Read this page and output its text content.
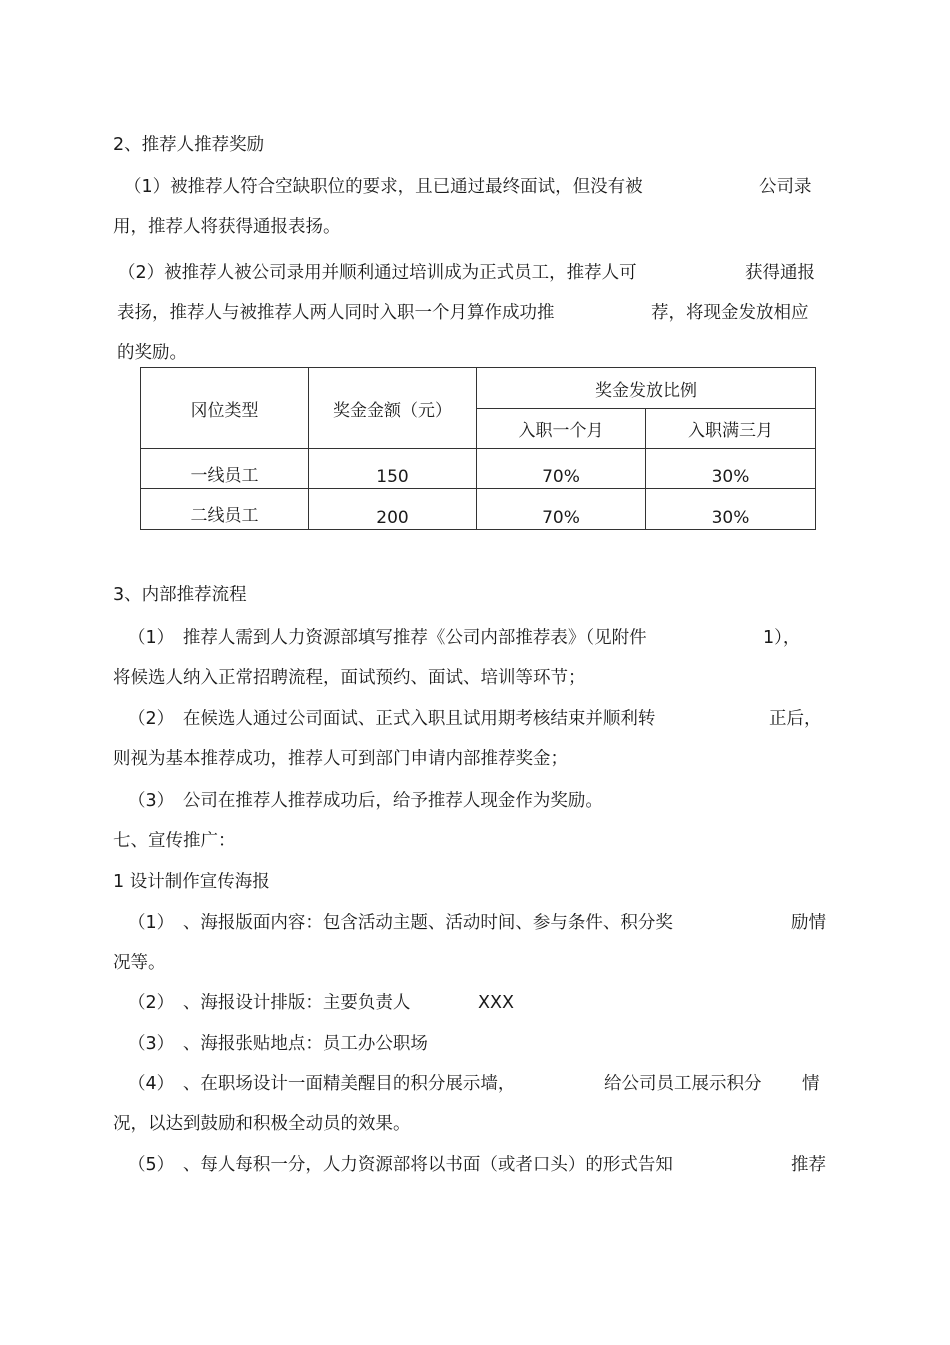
2、推荐人推荐奖励

（1）被推荐人符合空缺职位的要求，且已通过最终面试，但没有被	公司录

用，推荐人将获得通报表扬。

（2）被推荐人被公司录用并顺利通过培训成为正式员工，推荐人可	获得通报

表扬，推荐人与被推荐人两人同时入职一个月算作成功推	荐，将现金发放相应

的奖励。

冈位类型	奖金金额（元）	奖金发放比例	
		入职一个月	入职满三月
一线员工	150	70%	30%
二线员工	200	70%	30%

3、内部推荐流程

（1）　推荐人需到人力资源部填写推荐《公司内部推荐表》（见附件	1），

将候选人纳入正常招聘流程，面试预约、面试、培训等环节；

（2）　在候选人通过公司面试、正式入职且试用期考核结束并顺利转	正后，

则视为基本推荐成功，推荐人可到部门申请内部推荐奖金；

（3）　公司在推荐人推荐成功后，给予推荐人现金作为奖励。

七、宣传推广：

1 设计制作宣传海报

（1）　、海报版面内容：包含活动主题、活动时间、参与条件、积分奖	励情

况等。

（2）　、海报设计排版：主要负责人	XXX

（3）　、海报张贴地点：员工办公职场

（4）　、在职场设计一面精美醒目的积分展示墙，	给公司员工展示积分 情

况，以达到鼓励和积极全动员的效果。

（5）　、每人每积一分，人力资源部将以书面（或者口头）的形式告知	推荐
